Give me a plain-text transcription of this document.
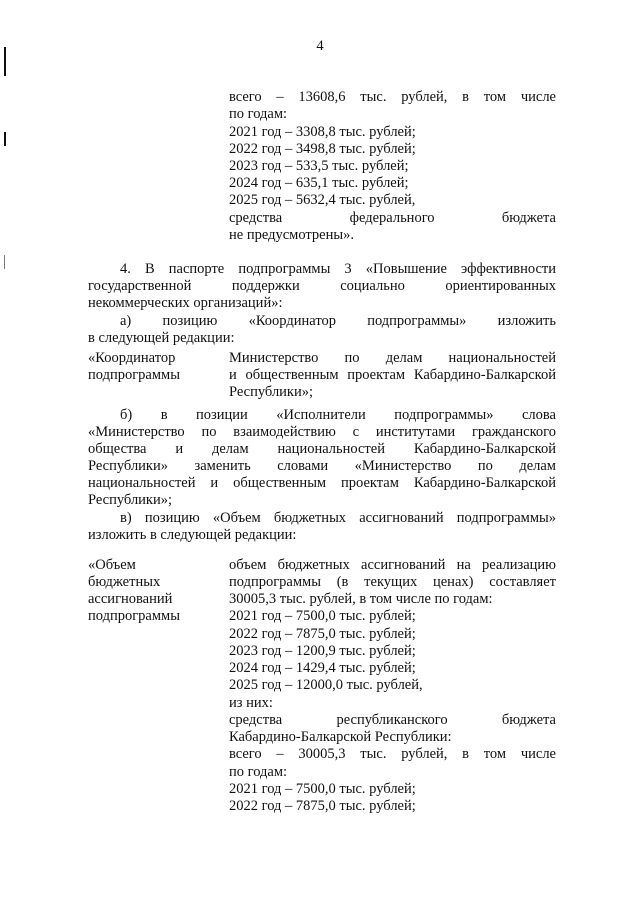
4
всего – 13608,6 тыс. рублей, в том числе
по годам:
2021 год – 3308,8 тыс. рублей;
2022 год – 3498,8 тыс. рублей;
2023 год – 533,5 тыс. рублей;
2024 год – 635,1 тыс. рублей;
2025 год – 5632,4 тыс. рублей,
средства федерального бюджета
не предусмотрены».
4. В паспорте подпрограммы 3 «Повышение эффективности
государственной поддержки социально ориентированных
некоммерческих организаций»:
а) позицию «Координатор подпрограммы» изложить
в следующей редакции:
«Координатор
подпрограммы
Министерство по делам национальностей
и общественным проектам Кабардино-Балкарской
Республики»;
б) в позиции «Исполнители подпрограммы» слова
«Министерство по взаимодействию с институтами гражданского
общества и делам национальностей Кабардино-Балкарской
Республики» заменить словами «Министерство по делам
национальностей и общественным проектам Кабардино-Балкарской
Республики»;
в) позицию «Объем бюджетных ассигнований подпрограммы»
изложить в следующей редакции:
«Объем
бюджетных
ассигнований
подпрограммы
объем бюджетных ассигнований на реализацию
подпрограммы (в текущих ценах) составляет
30005,3 тыс. рублей, в том числе по годам:
2021 год – 7500,0 тыс. рублей;
2022 год – 7875,0 тыс. рублей;
2023 год – 1200,9 тыс. рублей;
2024 год – 1429,4 тыс. рублей;
2025 год – 12000,0 тыс. рублей,
из них:
средства республиканского бюджета
Кабардино-Балкарской Республики:
всего – 30005,3 тыс. рублей, в том числе
по годам:
2021 год – 7500,0 тыс. рублей;
2022 год – 7875,0 тыс. рублей;
